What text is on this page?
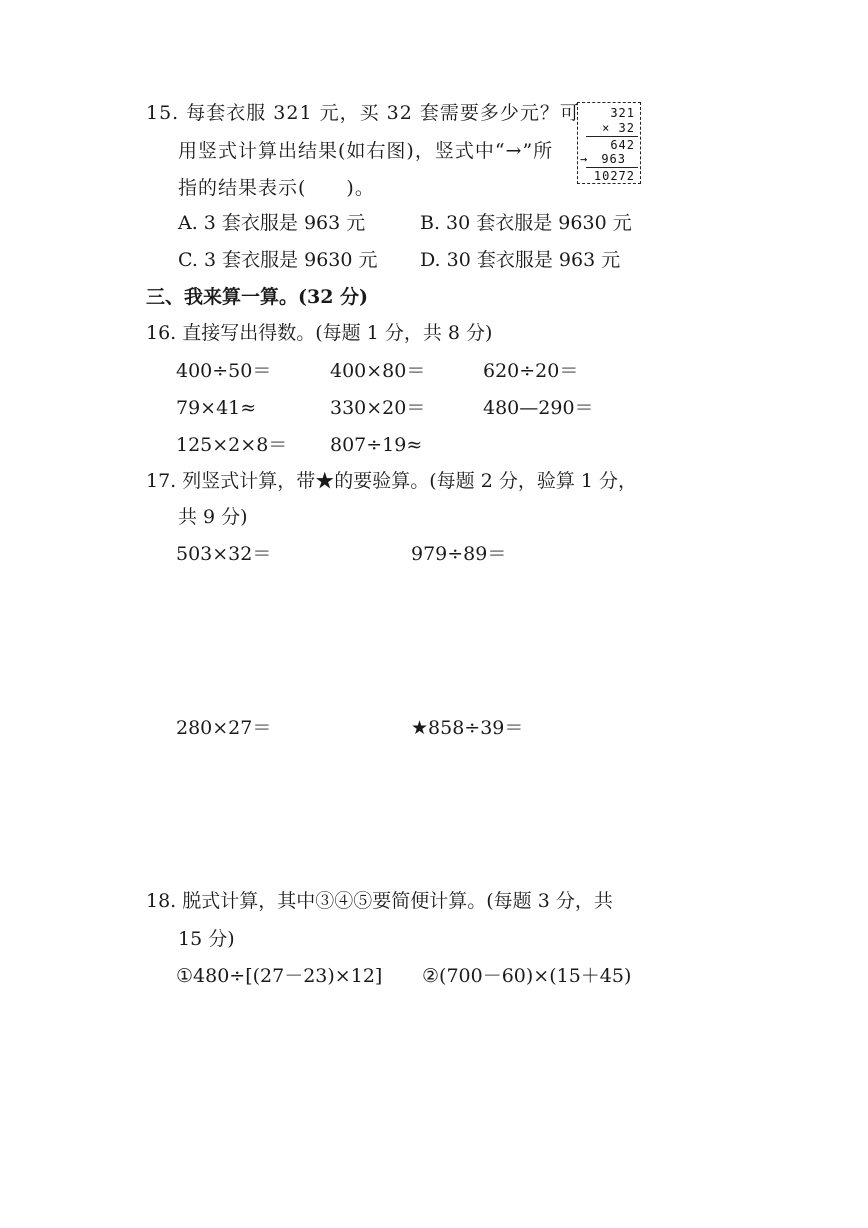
15. 每套衣服 321 元，买 32 套需要多少元？可
用竖式计算出结果(如右图)，竖式中“→”所
指的结果表示(　　)。
A. 3 套衣服是 963 元	B. 30 套衣服是 9630 元
C. 3 套衣服是 9630 元 D. 30 套衣服是 963 元
321
× 32
642
→ 963
10272
三、我来算一算。(32 分)
16. 直接写出得数。(每题 1 分，共 8 分)
400÷50＝	400×80＝	620÷20＝
79×41≈	330×20＝	480—290＝
125×2×8＝ 807÷19≈
17. 列竖式计算，带★的要验算。(每题 2 分，验算 1 分，
共 9 分)
503×32＝	979÷89＝
280×27＝	★858÷39＝
18. 脱式计算，其中③④⑤要简便计算。(每题 3 分，共
15 分)
①480÷[(27－23)×12] ②(700－60)×(15＋45)
